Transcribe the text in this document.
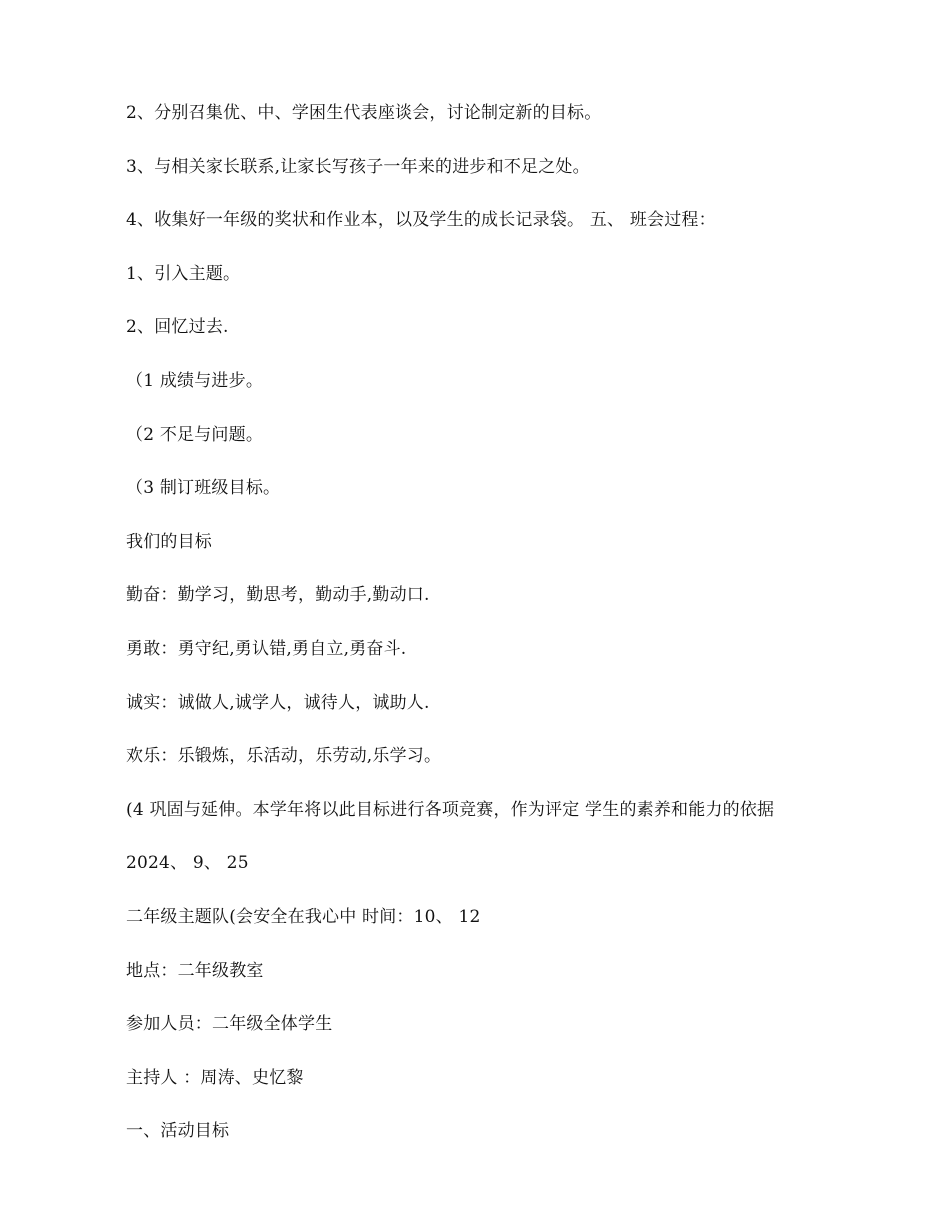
2、分别召集优、中、学困生代表座谈会，讨论制定新的目标。
3、与相关家长联系,让家长写孩子一年来的进步和不足之处。
4、收集好一年级的奖状和作业本，以及学生的成长记录袋。 五、 班会过程：
1、引入主题。
2、回忆过去.
（1 成绩与进步。
（2 不足与问题。
（3 制订班级目标。
我们的目标
勤奋：勤学习，勤思考，勤动手,勤动口.
勇敢：勇守纪,勇认错,勇自立,勇奋斗.
诚实：诚做人,诚学人，诚待人，诚助人.
欢乐：乐锻炼，乐活动，乐劳动,乐学习。
(4 巩固与延伸。本学年将以此目标进行各项竞赛，作为评定 学生的素养和能力的依据
2024、 9、 25
二年级主题队(会安全在我心中 时间：10、 12
地点：二年级教室
参加人员：二年级全体学生
主持人 ：周涛、史忆黎
一、活动目标
